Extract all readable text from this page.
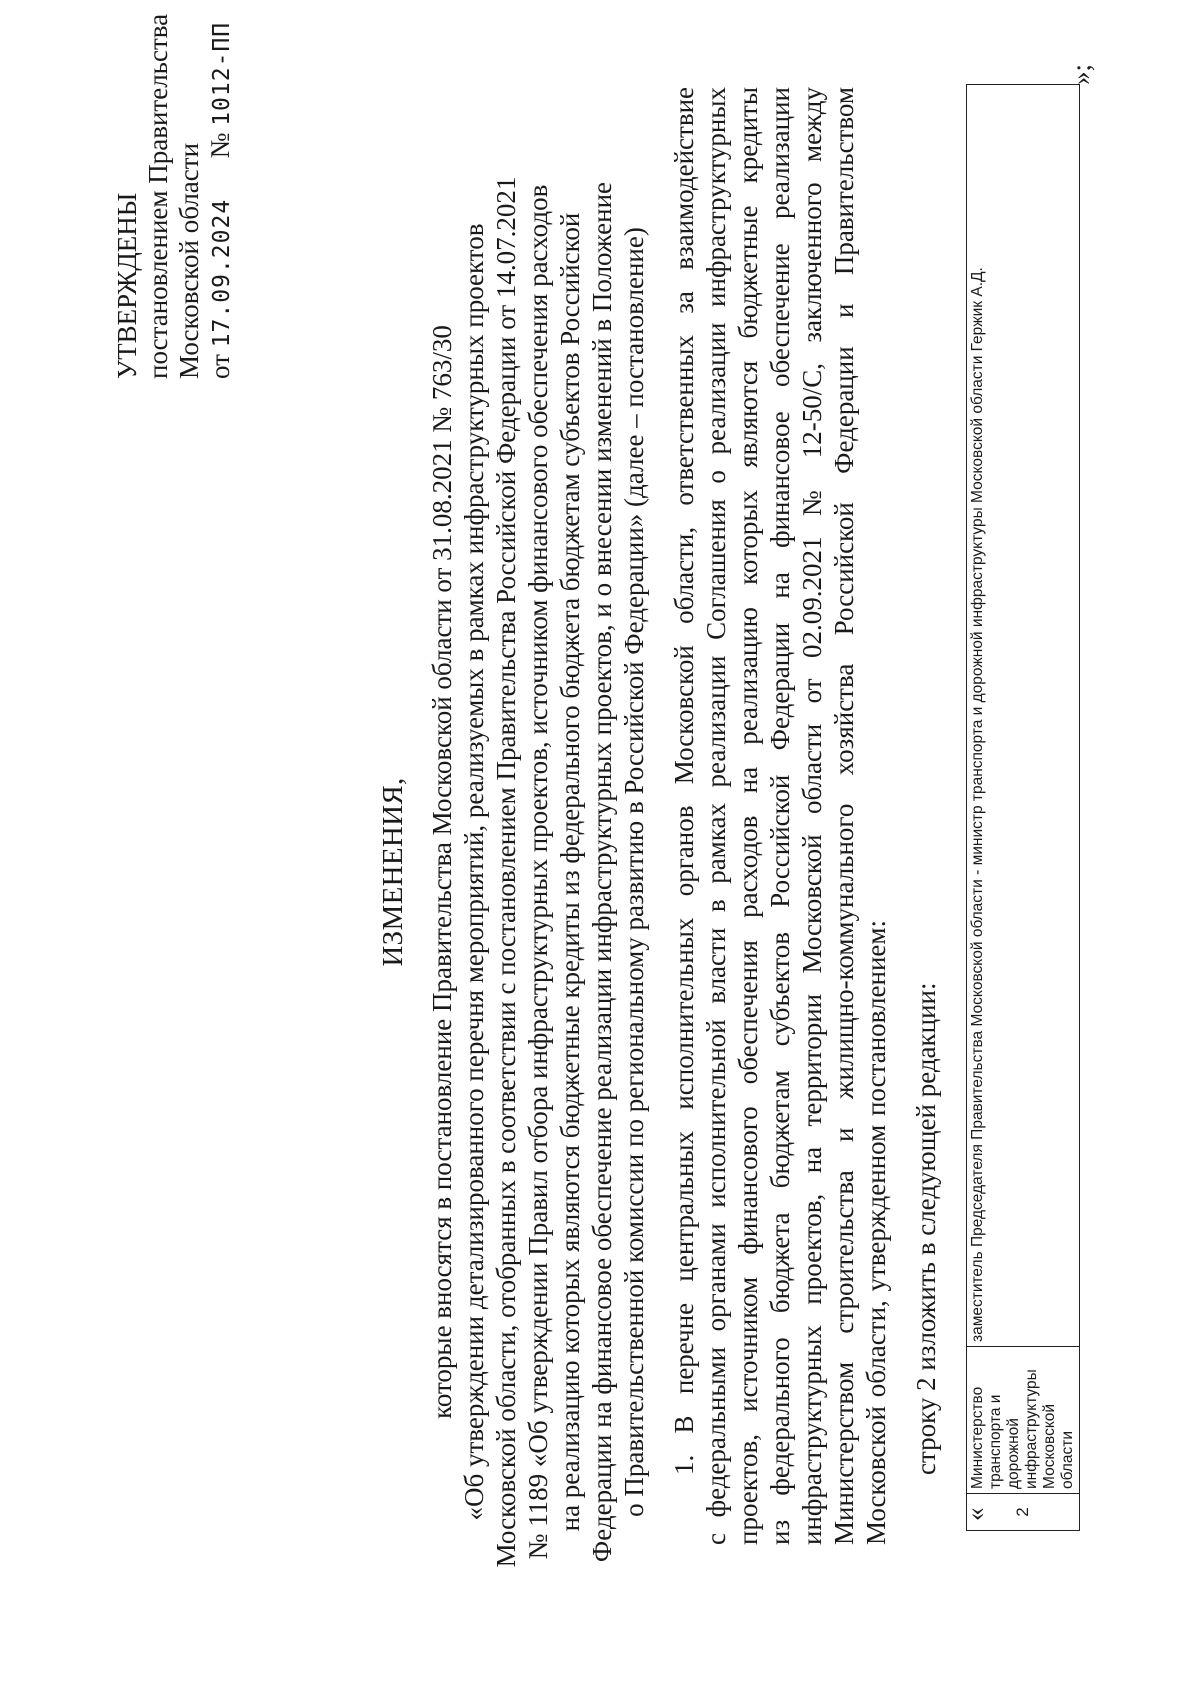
УТВЕРЖДЕНЫ постановлением Правительства Московской области от 17.09.2024      № 1012-ПП
ИЗМЕНЕНИЯ, которые вносятся в постановление Правительства Московской области от 31.08.2021 № 763/30 «Об утверждении детализированного перечня мероприятий, реализуемых в рамках инфраструктурных проектов Московской области, отобранных в соответствии с постановлением Правительства Российской Федерации от 14.07.2021 № 1189 «Об утверждении Правил отбора инфраструктурных проектов, источником финансового обеспечения расходов на реализацию которых являются бюджетные кредиты из федерального бюджета бюджетам субъектов Российской Федерации на финансовое обеспечение реализации инфраструктурных проектов, и о внесении изменений в Положение о Правительственной комиссии по региональному развитию в Российской Федерации» (далее – постановление) 1. В перечне центральных исполнительных органов Московской области, ответственных за взаимодействие с федеральными органами исполнительной власти в рамках реализации Соглашения о реализации инфраструктурных проектов, источником финансового обеспечения расходов на реализацию которых являются бюджетные кредиты из федерального бюджета бюджетам субъектов Российской Федерации на финансовое обеспечение реализации инфраструктурных проектов, на территории Московской области от 02.09.2021 № 12-50/С, заключенного между Министерством строительства и жилищно-коммунального хозяйства Российской Федерации и Правительством Московской области, утвержденном постановлением: строку 2 изложить в следующей редакции:
« 2	Министерство транспорта и дорожной инфраструктуры Московской области	заместитель Председателя Правительства Московской области - министр транспорта и дорожной инфраструктуры Московской области Гержик А.Д.
»;
